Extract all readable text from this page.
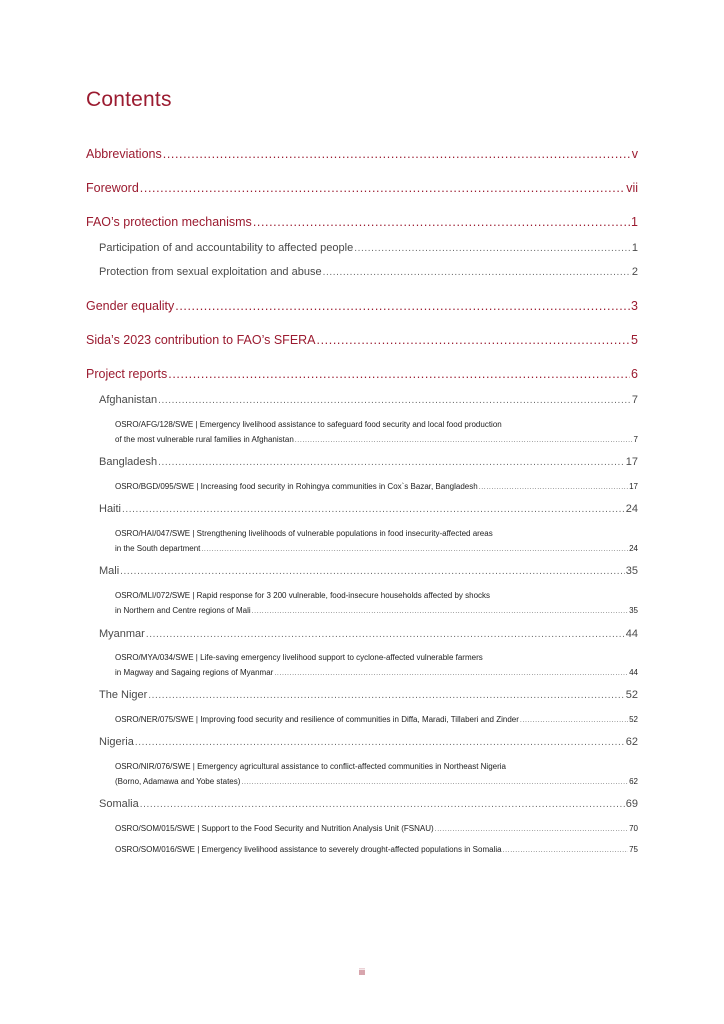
Contents
Abbreviations .....	v
Foreword .....	vii
FAO’s protection mechanisms .....	1
Participation of and accountability to affected people .....	1
Protection from sexual exploitation and abuse .....	2
Gender equality .....	3
Sida’s 2023 contribution to FAO’s SFERA .....	5
Project reports .....	6
Afghanistan .....	7
OSRO/AFG/128/SWE | Emergency livelihood assistance to safeguard food security and local food production
of the most vulnerable rural families in Afghanistan .....	7
Bangladesh .....	17
OSRO/BGD/095/SWE | Increasing food security in Rohingya communities in Cox`s Bazar, Bangladesh .....	17
Haiti .....	24
OSRO/HAI/047/SWE | Strengthening livelihoods of vulnerable populations in food insecurity-affected areas
in the South department .....	24
Mali .....	35
OSRO/MLI/072/SWE | Rapid response for 3 200 vulnerable, food-insecure households affected by shocks
in Northern and Centre regions of Mali .....	35
Myanmar .....	44
OSRO/MYA/034/SWE | Life-saving emergency livelihood support to cyclone-affected vulnerable farmers
in Magway and Sagaing regions of Myanmar .....	44
The Niger .....	52
OSRO/NER/075/SWE | Improving food security and resilience of communities in Diffa, Maradi, Tillaberi and Zinder .....	52
Nigeria .....	62
OSRO/NIR/076/SWE | Emergency agricultural assistance to conflict-affected communities in Northeast Nigeria
(Borno, Adamawa and Yobe states) .....	62
Somalia .....	69
OSRO/SOM/015/SWE | Support to the Food Security and Nutrition Analysis Unit (FSNAU) .....	70
OSRO/SOM/016/SWE | Emergency livelihood assistance to severely drought-affected populations in Somalia .....	75
iii
